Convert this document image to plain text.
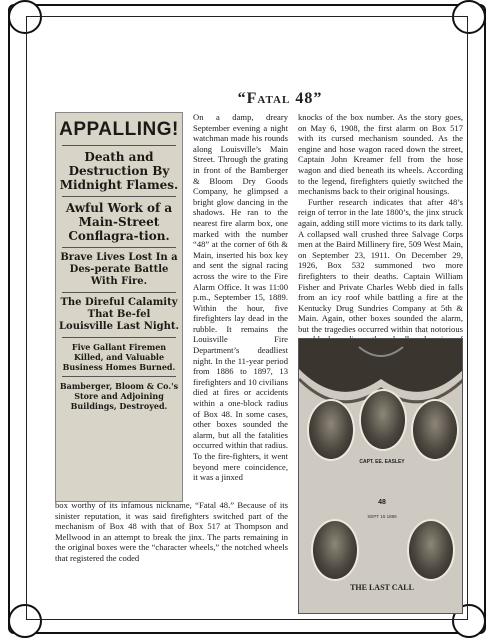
“Fatal 48”
APPALLING!
Death and Destruction By Midnight Flames.
Awful Work of a Main-Street Conflagra-tion.
Brave Lives Lost In a Des-perate Battle With Fire.
The Direful Calamity That Be-fel Louisville Last Night.
Five Gallant Firemen Killed, and Valuable Business Homes Burned.
Bamberger, Bloom & Co.'s Store and Adjoining Buildings, Destroyed.

On a damp, dreary September evening a night watchman made his rounds along Louisville’s Main Street. Through the grating in front of the Bamberger & Bloom Dry Goods Company, he glimpsed a bright glow dancing in the shadows. He ran to the nearest fire alarm box, one marked with the number “48” at the corner of 6th & Main, inserted his box key and sent the signal racing across the wire to the Fire Alarm Office. It was 11:00 p.m., September 15, 1889. Within the hour, five firefighters lay dead in the rubble. It remains the Louisville Fire Department’s deadliest night. In the 11-year period from 1886 to 1897, 13 firefighters and 10 civilians died at fires or accidents within a one-block radius of Box 48. In some cases, other boxes sounded the alarm, but all the fatalities occurred within that radius. To the fire-fighters, it went beyond mere coincidence, it was a jinxed

box worthy of its infamous nickname, “Fatal 48.” Because of its sinister reputation, it was said firefighters switched part of the mechanism of Box 48 with that of Box 517 at Thompson and Mellwood in an attempt to break the jinx. The parts remaining in the original boxes were the “character wheels,” the notched wheels that registered the coded

knocks of the box number. As the story goes, on May 6, 1908, the first alarm on Box 517 with its cursed mechanism sounded. As the engine and hose wagon raced down the street, Captain John Kreamer fell from the hose wagon and died beneath its wheels. According to the legend, firefighters quietly switched the mechanisms back to their original housings.

Further research indicates that after 48’s reign of terror in the late 1800’s, the jinx struck again, adding still more victims to its dark tally. A collapsed wall crushed three Salvage Corps men at the Baird Millinery fire, 509 West Main, on September 23, 1911. On December 29, 1926, Box 532 summoned two more firefighters to their deaths. Captain William Fisher and Private Charles Webb died in falls from an icy roof while battling a fire at the Kentucky Drug Sundries Company at 5th & Main. Again, other boxes sounded the alarm, but the tragedies occurred within that notorious

CAPT. EE. EASLEY
48
SEPT 15 1889
THE LAST CALL
